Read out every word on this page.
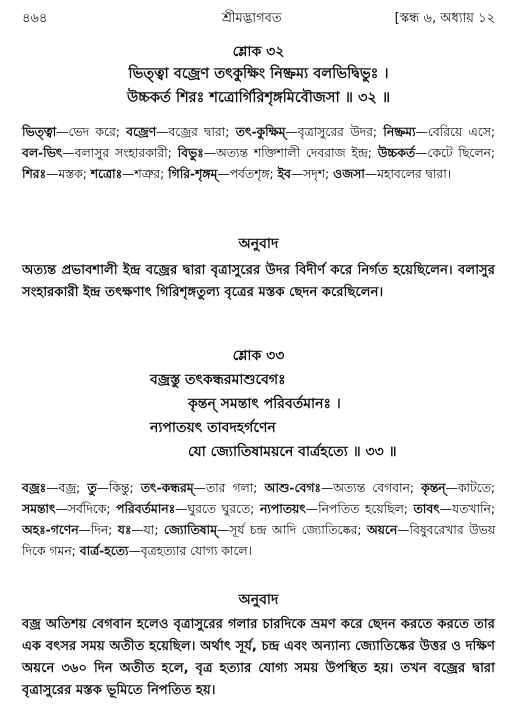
৪৬৪	শ্রীমদ্ভাগবত	[স্কন্ধ ৬, অধ্যায় ১২
শ্লোক ৩২
ভিত্ত্বা বজ্রেণ তৎকুক্ষিং নিষ্ক্রম্য বলভিদ্বিভুঃ ।
উচ্চকর্ত শিরঃ শত্রোর্গিরিশৃঙ্গমিবৌজসা ॥ ৩২ ॥
ভিত্ত্বা—ভেদ করে; বজ্রেণ—বজ্রের দ্বারা; তৎ-কুক্ষিম্—বৃত্রাসুরের উদর; নিষ্ক্রম্য—বেরিয়ে এসে; বল-ভিৎ—বলাসুর সংহারকারী; বিভুঃ—অত্যন্ত শক্তিশালী দেবরাজ ইন্দ্র; উচ্চকর্ত—কেটে ছিলেন; শিরঃ—মস্তক; শত্রোঃ—শত্রুর; গিরি-শৃঙ্গম্—পর্বতশৃঙ্গ; ইব—সদৃশ; ওজসা—মহাবলের দ্বারা।
অনুবাদ
অত্যন্ত প্রভাবশালী ইন্দ্র বজ্রের দ্বারা বৃত্রাসুরের উদর বিদীর্ণ করে নির্গত হয়েছিলেন। বলাসুর সংহারকারী ইন্দ্র তৎক্ষণাৎ গিরিশৃঙ্গতুল্য বৃত্রের মস্তক ছেদন করেছিলেন।
শ্লোক ৩৩
বজ্রস্তু তৎকন্ধরমাশুবেগঃ
কৃন্তন্ সমন্তাৎ পরিবর্তমানঃ ।
ন্যপাতয়ৎ তাবদহর্গণেন
যো জ্যোতিষাময়নে বার্ত্রহত্যে ॥ ৩৩ ॥
বজ্রঃ—বজ্র; তু—কিন্তু; তৎ-কন্ধরম্—তার গলা; আশু-বেগঃ—অত্যন্ত বেগবান; কৃন্তন্—কাটতে; সমন্তাৎ—সর্বদিকে; পরিবর্তমানঃ—ঘুরতে ঘুরতে; ন্যপাতয়ৎ—নিপতিত হয়েছিল; তাবৎ—যতখানি; অহঃ-গণেন—দিন; যঃ—যা; জ্যোতিষাম্—সূর্য চন্দ্র আদি জ্যোতিষ্কের; অয়নে—বিষুবরেখার উভয় দিকে গমন; বার্ত্র-হত্যে—বৃত্রহত্যার যোগ্য কালে।
অনুবাদ
বজ্র অতিশয় বেগবান হলেও বৃত্রাসুরের গলার চারদিকে ভ্রমণ করে ছেদন করতে করতে তার এক বৎসর সময় অতীত হয়েছিল। অর্থাৎ সূর্য, চন্দ্র এবং অন্যান্য জ্যোতিষ্কের উত্তর ও দক্ষিণ অয়নে ৩৬০ দিন অতীত হলে, বৃত্র হত্যার যোগ্য সময় উপস্থিত হয়। তখন বজ্রের দ্বারা বৃত্রাসুরের মস্তক ভূমিতে নিপতিত হয়।
